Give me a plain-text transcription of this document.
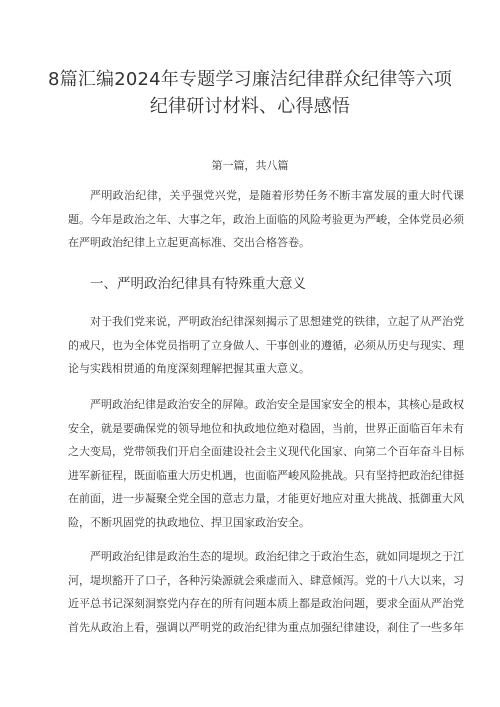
8篇汇编2024年专题学习廉洁纪律群众纪律等六项纪律研讨材料、心得感悟
第一篇，共八篇

严明政治纪律，关乎强党兴党，是随着形势任务不断丰富发展的重大时代课题。今年是政治之年、大事之年，政治上面临的风险考验更为严峻，全体党员必须在严明政治纪律上立起更高标准、交出合格答卷。

一、严明政治纪律具有特殊重大意义

对于我们党来说，严明政治纪律深刻揭示了思想建党的铁律，立起了从严治党的戒尺，也为全体党员指明了立身做人、干事创业的遵循，必须从历史与现实、理论与实践相贯通的角度深刻理解把握其重大意义。

严明政治纪律是政治安全的屏障。政治安全是国家安全的根本，其核心是政权安全，就是要确保党的领导地位和执政地位绝对稳固，当前，世界正面临百年未有之大变局，党带领我们开启全面建设社会主义现代化国家、向第二个百年奋斗目标进军新征程，既面临重大历史机遇，也面临严峻风险挑战。只有坚持把政治纪律挺在前面，进一步凝聚全党全国的意志力量，才能更好地应对重大挑战、抵御重大风险，不断巩固党的执政地位、捍卫国家政治安全。

严明政治纪律是政治生态的堤坝。政治纪律之于政治生态，就如同堤坝之于江河，堤坝豁开了口子，各种污染源就会乘虚而入、肆意倾泻。党的十八大以来，习近平总书记深刻洞察党内存在的所有问题本质上都是政治问题，要求全面从严治党首先从政治上看，强调以严明党的政治纪律为重点加强纪律建设，刹住了一些多年
